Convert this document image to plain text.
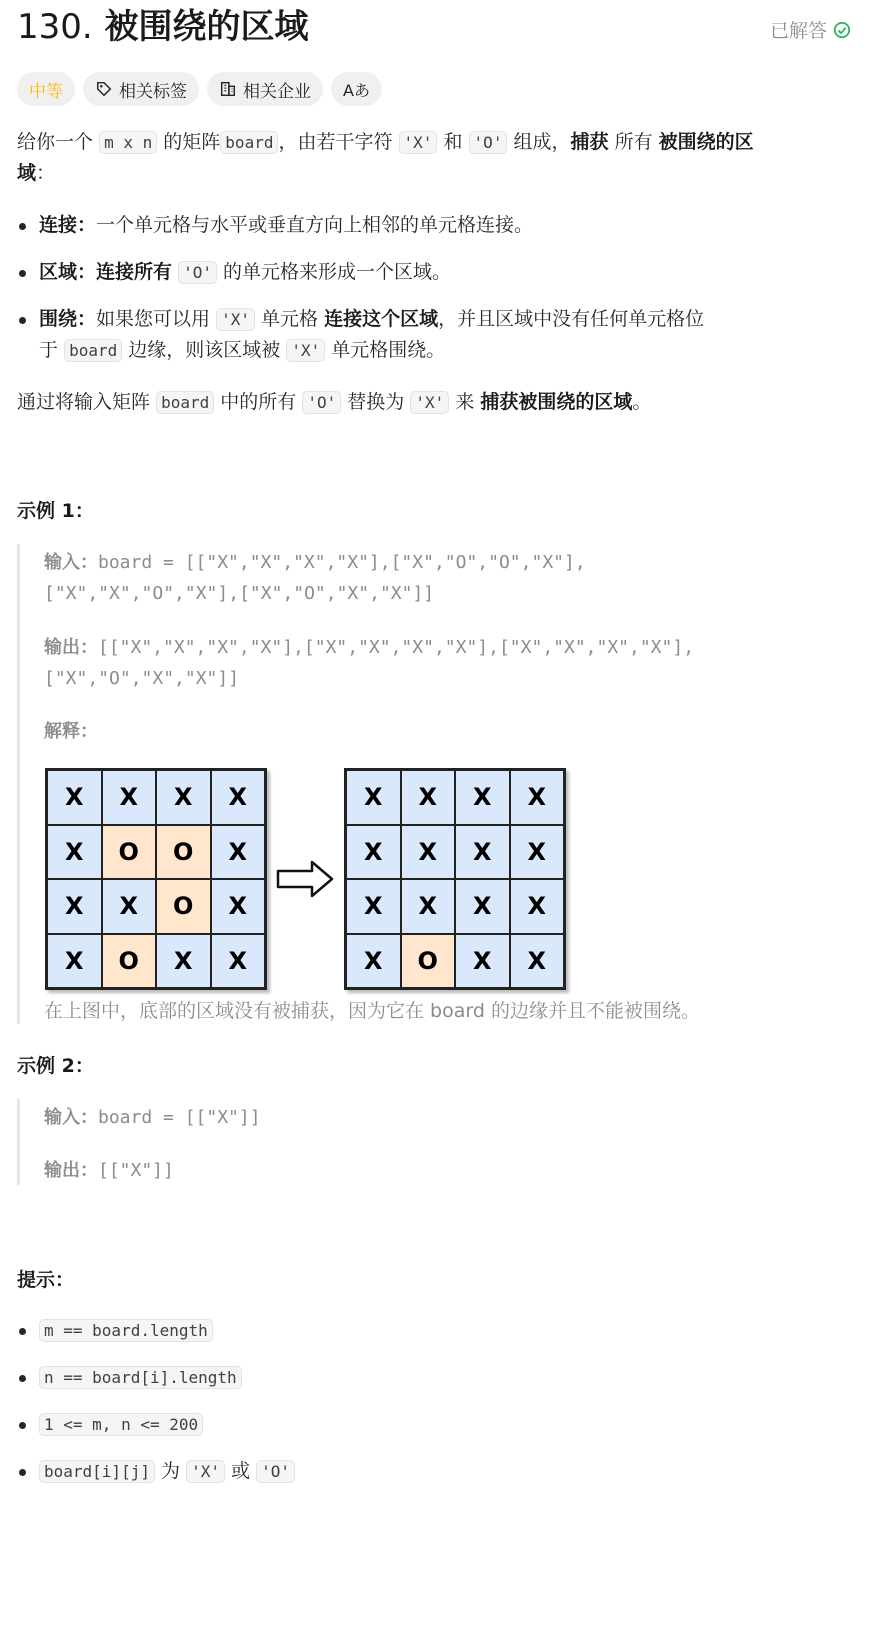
130. 被围绕的区域	已解答
中等	相关标签	相关企业 Aあ
给你一个 m x n 的矩阵 board ，由若干字符 'X' 和 'O' 组成，捕获 所有 被围绕的区
域：
连接：一个单元格与水平或垂直方向上相邻的单元格连接。
区域：连接所有 'O' 的单元格来形成一个区域。
围绕：如果您可以用 'X' 单元格 连接这个区域，并且区域中没有任何单元格位
于 board 边缘，则该区域被 'X' 单元格围绕。
通过将输入矩阵 board 中的所有 'O' 替换为 'X' 来 捕获被围绕的区域。
示例 1：
输入：board = [["X","X","X","X"],["X","O","O","X"],
["X","X","O","X"],["X","O","X","X"]]
输出：[["X","X","X","X"],["X","X","X","X"],["X","X","X","X"],
["X","O","X","X"]]
解释：
X	X	X	X
X	O	O	X
X	X	O	X
X	O	X	X
X	X	X	X
X	X	X	X
X	X	X	X
X	O	X	X
在上图中，底部的区域没有被捕获，因为它在 board 的边缘并且不能被围绕。
示例 2：
输入：board = [["X"]]
输出：[["X"]]
提示：
m == board.length
n == board[i].length
1 <= m, n <= 200
board[i][j] 为 'X' 或 'O'
